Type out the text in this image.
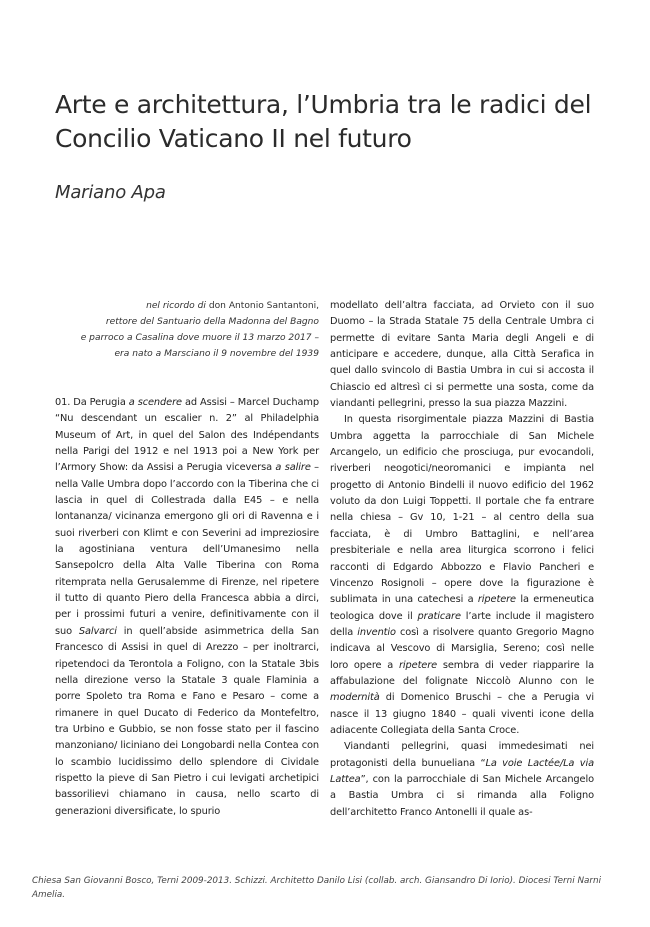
Arte e architettura, l’Umbria tra le radici del Concilio Vaticano II nel futuro
Mariano Apa
nel ricordo di don Antonio Santantoni,
rettore del Santuario della Madonna del Bagno
e parroco a Casalina dove muore il 13 marzo 2017 –
era nato a Marsciano il 9 novembre del 1939

01. Da Perugia a scendere ad Assisi – Marcel Duchamp “Nu descendant un escalier n. 2” al Philadelphia Museum of Art, in quel del Salon des Indépendants nella Parigi del 1912 e nel 1913 poi a New York per l’Armory Show: da Assisi a Perugia viceversa a salire – nella Valle Umbra dopo l’accordo con la Tiberina che ci lascia in quel di Collestrada dalla E45 – e nella lontananza/ vicinanza emergono gli ori di Ravenna e i suoi riverberi con Klimt e con Severini ad impreziosire la agostiniana ventura dell’Umanesimo nella Sansepolcro della Alta Valle Tiberina con Roma ritemprata nella Gerusalemme di Firenze, nel ripetere il tutto di quanto Piero della Francesca abbia a dirci, per i prossimi futuri a venire, definitivamente con il suo Salvarci in quell’abside asimmetrica della San Francesco di Assisi in quel di Arezzo – per inoltrarci, ripetendoci da Terontola a Foligno, con la Statale 3bis nella direzione verso la Statale 3 quale Flaminia a porre Spoleto tra Roma e Fano e Pesaro – come a rimanere in quel Ducato di Federico da Montefeltro, tra Urbino e Gubbio, se non fosse stato per il fascino manzoniano/ liciniano dei Longobardi nella Contea con lo scambio lucidissimo dello splendore di Cividale rispetto la pieve di San Pietro i cui levigati archetipici bassorilievi chiamano in causa, nello scarto di generazioni diversificate, lo spurio

modellato dell’altra facciata, ad Orvieto con il suo Duomo – la Strada Statale 75 della Centrale Umbra ci permette di evitare Santa Maria degli Angeli e di anticipare e accedere, dunque, alla Città Serafica in quel dallo svincolo di Bastia Umbra in cui si accosta il Chiascio ed altresì ci si permette una sosta, come da viandanti pellegrini, presso la sua piazza Mazzini.

In questa risorgimentale piazza Mazzini di Bastia Umbra aggetta la parrocchiale di San Michele Arcangelo, un edificio che prosciuga, pur evocandoli, riverberi neogotici/neoromanici e impianta nel progetto di Antonio Bindelli il nuovo edificio del 1962 voluto da don Luigi Toppetti. Il portale che fa entrare nella chiesa – Gv 10, 1-21 – al centro della sua facciata, è di Umbro Battaglini, e nell’area presbiteriale e nella area liturgica scorrono i felici racconti di Edgardo Abbozzo e Flavio Pancheri e Vincenzo Rosignoli – opere dove la figurazione è sublimata in una catechesi a ripetere la ermeneutica teologica dove il praticare l’arte include il magistero della inventio così a risolvere quanto Gregorio Magno indicava al Vescovo di Marsiglia, Sereno; così nelle loro opere a ripetere sembra di veder riapparire la affabulazione del folignate Niccolò Alunno con le modernità di Domenico Bruschi – che a Perugia vi nasce il 13 giugno 1840 – quali viventi icone della adiacente Collegiata della Santa Croce.

Viandanti pellegrini, quasi immedesimati nei protagonisti della bunueliana “La voie Lactée/La via Lattea”, con la parrocchiale di San Michele Arcangelo a Bastia Umbra ci si rimanda alla Foligno dell’architetto Franco Antonelli il quale as-

Chiesa San Giovanni Bosco, Terni 2009-2013. Schizzi. Architetto Danilo Lisi (collab. arch. Giansandro Di Iorio). Diocesi Terni Narni Amelia.
